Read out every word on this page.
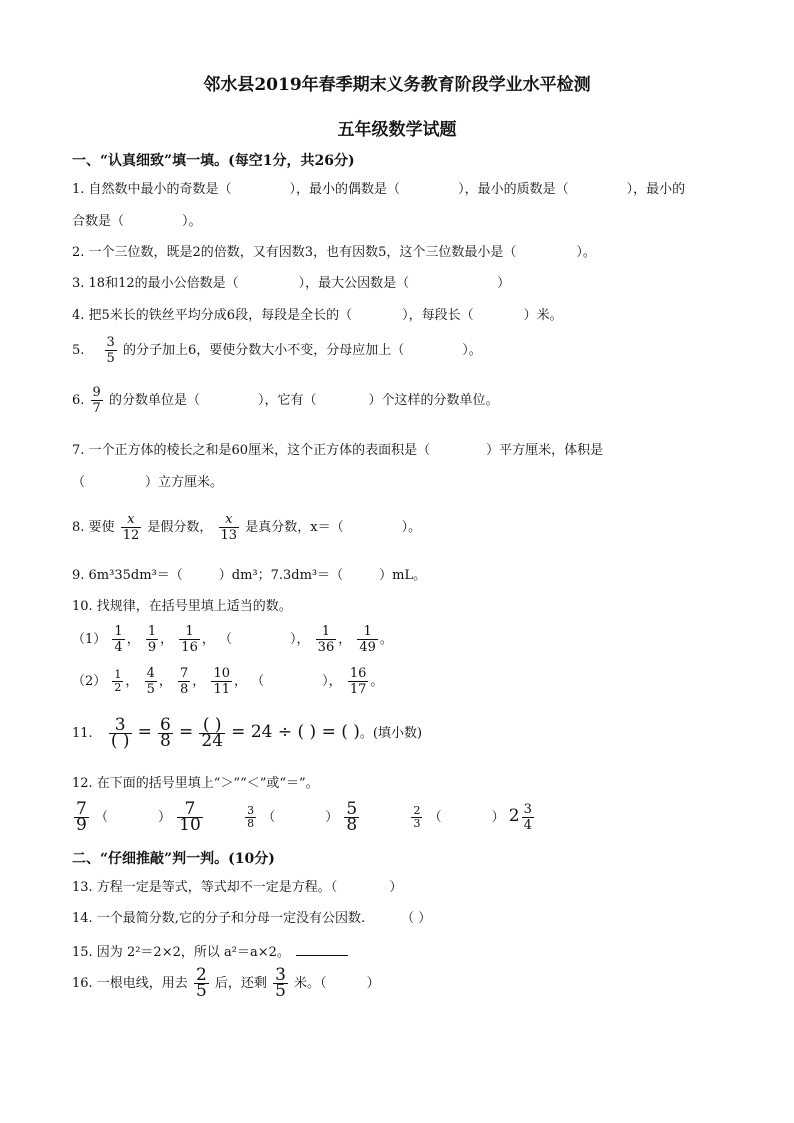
邻水县2019年春季期末义务教育阶段学业水平检测
五年级数学试题
一、“认真细致”填一填。(每空1分，共26分)
1. 自然数中最小的奇数是（	），最小的偶数是（	），最小的质数是（	），最小的
合数是（	）。
2. 一个三位数，既是2的倍数，又有因数3，也有因数5，这个三位数最小是（	）。
3. 18和12的最小公倍数是（	），最大公因数是（	）
4. 把5米长的铁丝平均分成6段，每段是全长的（	），每段长（	）米。
5. $\frac{3}{5}$ 的分子加上6，要使分数大小不变，分母应加上（	）。
6. $\frac{9}{7}$ 的分数单位是（	），它有（	）个这样的分数单位。
7. 一个正方体的棱长之和是60厘米，这个正方体的表面积是（	）平方厘米，体积是
（	）立方厘米。
8. 要使 $\frac{x}{12}$ 是假分数， $\frac{x}{13}$ 是真分数，x＝（	）。
9. 6m³35dm³＝（	）dm³；7.3dm³＝（	）mL。
10. 找规律，在括号里填上适当的数。
$(1) \frac{1}{4}$ ， $\frac{1}{9}$ ， $\frac{1}{16}$ ， （	）， $\frac{1}{36}$ ， $\frac{1}{49}$ 。
$(2) \frac{1}{2}$ ， $\frac{4}{5}$ ， $\frac{7}{8}$ ， $\frac{10}{11}$ ， （	）， $\frac{16}{17}$ 。
11. $\frac{3}{( )} = \frac{6}{8} = \frac{( )}{24} = 24$ ÷ ( ) = ( )。(填小数)
12. 在下面的括号里填上“＞”“＜”或“＝”。
$\frac{7}{9}$ （	） $\frac{7}{10}$
	$\frac{3}{8}$ （	） $\frac{5}{8}$
	$\frac{2}{3}$ （	） $2 \frac{3}{4}$
二、“仔细推敲”判一判。(10分)
13. 方程一定是等式，等式却不一定是方程。（	）
14. 一个最简分数,它的分子和分母一定没有公因数.	（ ）
15. 因为 2²＝2×2，所以 a²＝a×2。
16. 一根电线，用去 $\frac{2}{5}$ 后，还剩 $\frac{3}{5}$ 米。（	）
